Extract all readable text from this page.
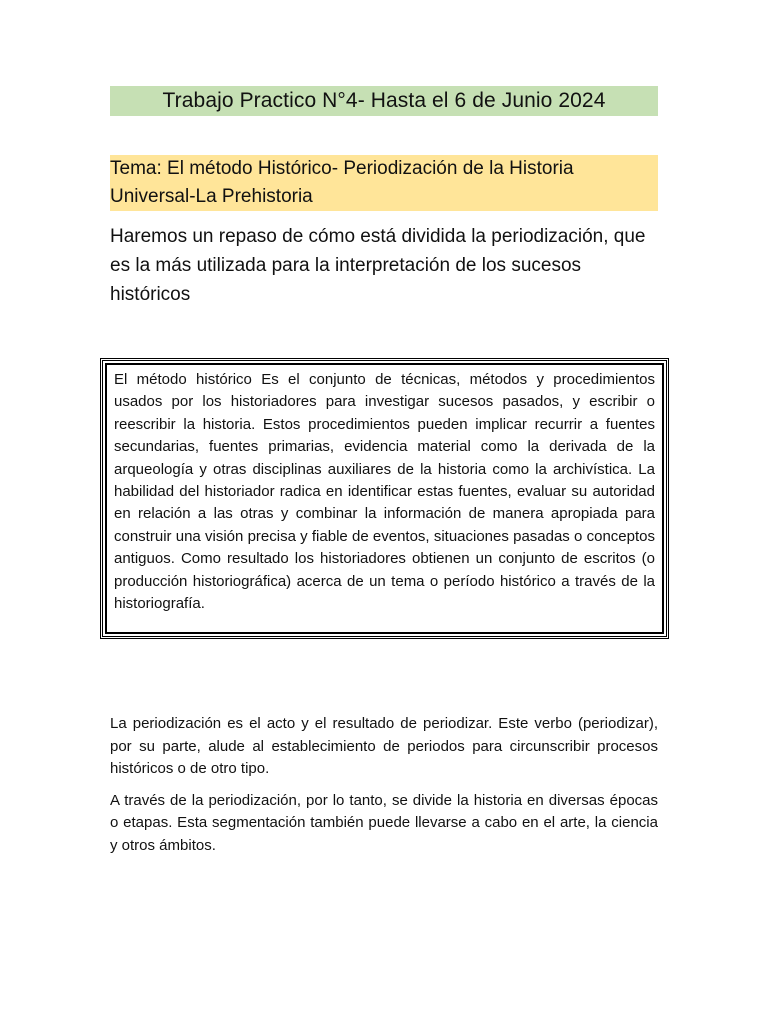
Trabajo Practico N°4- Hasta el 6 de Junio 2024

Tema: El método Histórico- Periodización de la Historia Universal-La Prehistoria

Haremos un repaso de cómo está dividida la periodización, que es la más utilizada para la interpretación de los sucesos históricos

El método histórico Es el conjunto de técnicas, métodos y procedimientos usados por los historiadores para investigar sucesos pasados, y escribir o reescribir la historia. Estos procedimientos pueden implicar recurrir a fuentes secundarias, fuentes primarias, evidencia material como la derivada de la arqueología y otras disciplinas auxiliares de la historia como la archivística. La habilidad del historiador radica en identificar estas fuentes, evaluar su autoridad en relación a las otras y combinar la información de manera apropiada para construir una visión precisa y fiable de eventos, situaciones pasadas o conceptos antiguos. Como resultado los historiadores obtienen un conjunto de escritos (o producción historiográfica) acerca de un tema o período histórico a través de la historiografía.

La periodización es el acto y el resultado de periodizar. Este verbo (periodizar), por su parte, alude al establecimiento de periodos para circunscribir procesos históricos o de otro tipo.

A través de la periodización, por lo tanto, se divide la historia en diversas épocas o etapas. Esta segmentación también puede llevarse a cabo en el arte, la ciencia y otros ámbitos.
